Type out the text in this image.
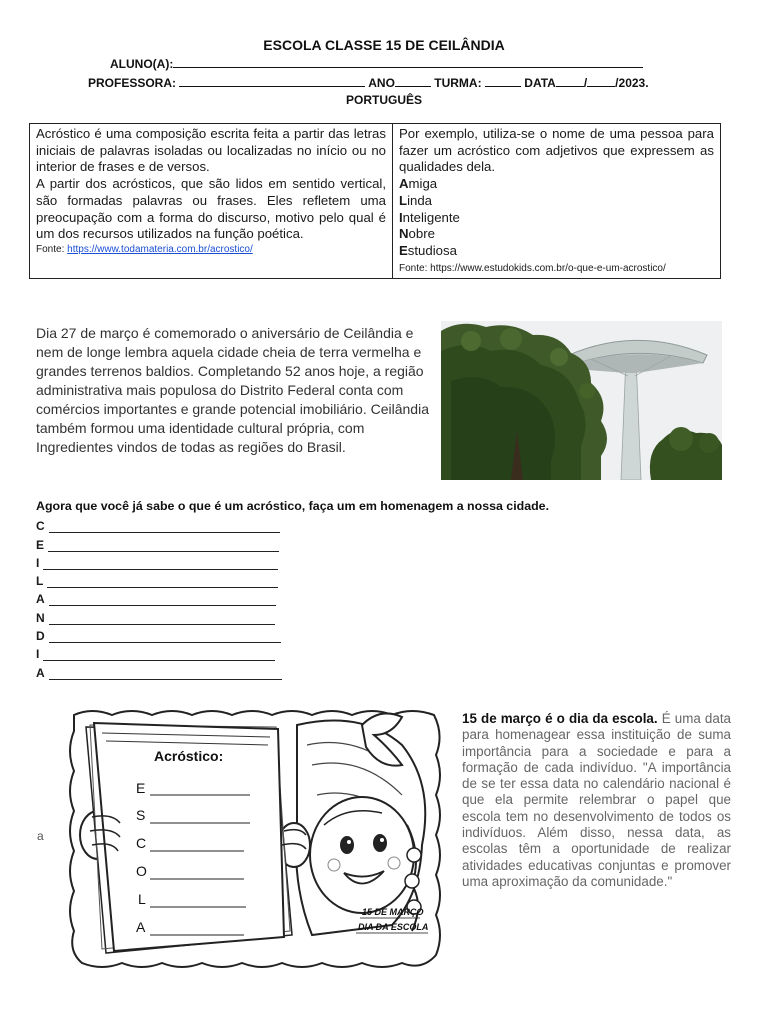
ESCOLA CLASSE 15 DE CEILÂNDIA
ALUNO(A):
PROFESSORA:	ANO	TURMA:	DATA / /2023.
PORTUGUÊS
Acróstico é uma composição escrita feita a partir das letras iniciais de palavras isoladas ou localizadas no início ou no interior de frases e de versos.
A partir dos acrósticos, que são lidos em sentido vertical, são formadas palavras ou frases. Eles refletem uma preocupação com a forma do discurso, motivo pelo qual é um dos recursos utilizados na função poética.
Fonte: https://www.todamateria.com.br/acrostico/

Por exemplo, utiliza-se o nome de uma pessoa para fazer um acróstico com adjetivos que expressem as qualidades dela.
Amiga
Linda
Inteligente
Nobre
Estudiosa
Fonte: https://www.estudokids.com.br/o-que-e-um-acrostico/
Dia 27 de março é comemorado o aniversário de Ceilândia e nem de longe lembra aquela cidade cheia de terra vermelha e grandes terrenos baldios. Completando 52 anos hoje, a região administrativa mais populosa do Distrito Federal conta com comércios importantes e grande potencial imobiliário. Ceilândia também formou uma identidade cultural própria, com Ingredientes vindos de todas as regiões do Brasil.
Agora que você já sabe o que é um acróstico, faça um em homenagem a nossa cidade.
C
E
I
L
A
N
D
I
A
a
Acróstico:
E
S
C
O
L
A
15 DE MARÇO
DIA DA ESCOLA
15 de março é o dia da escola. É uma data para homenagear essa instituição de suma importância para a sociedade e para a formação de cada indivíduo. "A importância de se ter essa data no calendário nacional é que ela permite relembrar o papel que escola tem no desenvolvimento de todos os indivíduos. Além disso, nessa data, as escolas têm a oportunidade de realizar atividades educativas conjuntas e promover uma aproximação da comunidade."
